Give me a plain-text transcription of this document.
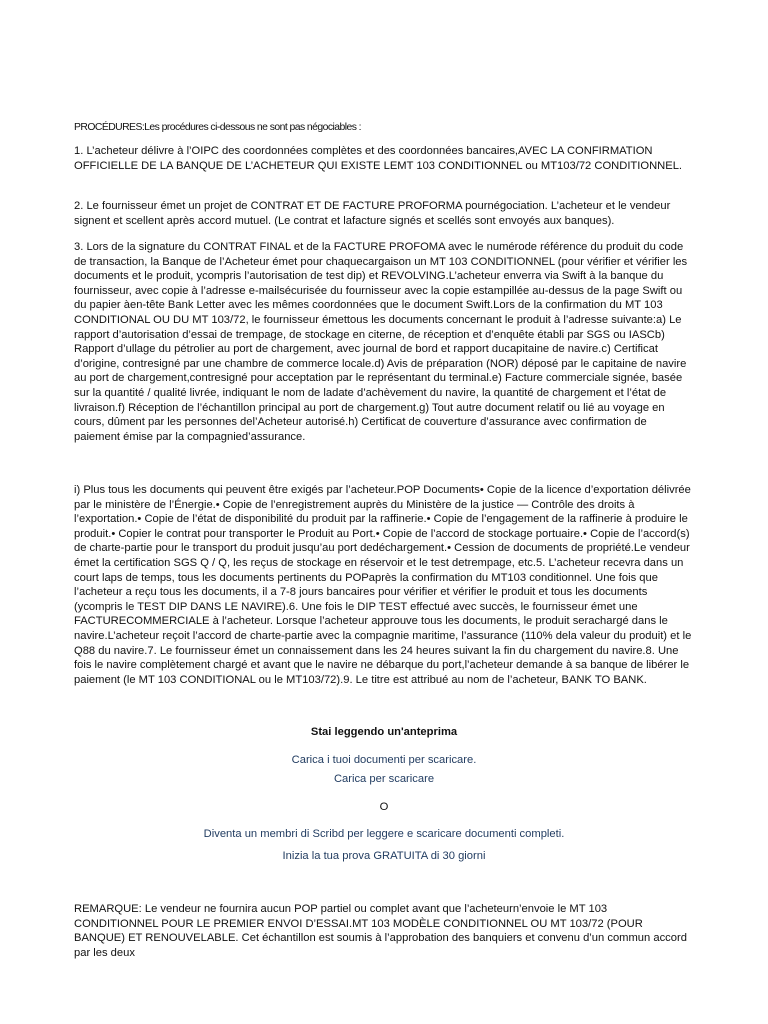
PROCÉDURES:Les procédures ci-dessous ne sont pas négociables :

1. L’acheteur délivre à l’OIPC des coordonnées complètes et des coordonnées bancaires,AVEC LA CONFIRMATION OFFICIELLE DE LA BANQUE DE L’ACHETEUR QUI EXISTE LEMT 103 CONDITIONNEL ou MT103/72 CONDITIONNEL.

2. Le fournisseur émet un projet de CONTRAT ET DE FACTURE PROFORMA pournégociation. L’acheteur et le vendeur signent et scellent après accord mutuel. (Le contrat et lafacture signés et scellés sont envoyés aux banques).

3. Lors de la signature du CONTRAT FINAL et de la FACTURE PROFOMA avec le numérode référence du produit du code de transaction, la Banque de l’Acheteur émet pour chaquecargaison un MT 103 CONDITIONNEL (pour vérifier et vérifier les documents et le produit, ycompris l’autorisation de test dip) et REVOLVING.L’acheteur enverra via Swift à la banque du fournisseur, avec copie à l’adresse e-mailsécurisée du fournisseur avec la copie estampillée au-dessus de la page Swift ou du papier àen-tête Bank Letter avec les mêmes coordonnées que le document Swift.Lors de la confirmation du MT 103 CONDITIONAL OU DU MT 103/72, le fournisseur émettous les documents concernant le produit à l’adresse suivante:a) Le rapport d’autorisation d’essai de trempage, de stockage en citerne, de réception et d’enquête établi par SGS ou IASCb) Rapport d’ullage du pétrolier au port de chargement, avec journal de bord et rapport ducapitaine de navire.c) Certificat d’origine, contresigné par une chambre de commerce locale.d) Avis de préparation (NOR) déposé par le capitaine de navire au port de chargement,contresigné pour acceptation par le représentant du terminal.e) Facture commerciale signée, basée sur la quantité / qualité livrée, indiquant le nom de ladate d’achèvement du navire, la quantité de chargement et l’état de livraison.f) Réception de l’échantillon principal au port de chargement.g) Tout autre document relatif ou lié au voyage en cours, dûment par les personnes del’Acheteur autorisé.h) Certificat de couverture d’assurance avec confirmation de paiement émise par la compagnied’assurance.

i) Plus tous les documents qui peuvent être exigés par l’acheteur.POP Documents• Copie de la licence d’exportation délivrée par le ministère de l’Énergie.• Copie de l’enregistrement auprès du Ministère de la justice — Contrôle des droits à l’exportation.• Copie de l’état de disponibilité du produit par la raffinerie.• Copie de l’engagement de la raffinerie à produire le produit.• Copier le contrat pour transporter le Produit au Port.• Copie de l’accord de stockage portuaire.• Copie de l’accord(s) de charte-partie pour le transport du produit jusqu’au port dedéchargement.• Cession de documents de propriété.Le vendeur émet la certification SGS Q / Q, les reçus de stockage en réservoir et le test detrempage, etc.5. L’acheteur recevra dans un court laps de temps, tous les documents pertinents du POPaprès la confirmation du MT103 conditionnel. Une fois que l’acheteur a reçu tous les documents, il a 7-8 jours bancaires pour vérifier et vérifier le produit et tous les documents (ycompris le TEST DIP DANS LE NAVIRE).6. Une fois le DIP TEST effectué avec succès, le fournisseur émet une FACTURECOMMERCIALE à l’acheteur. Lorsque l’acheteur approuve tous les documents, le produit serachargé dans le navire.L’acheteur reçoit l’accord de charte-partie avec la compagnie maritime, l’assurance (110% dela valeur du produit) et le Q88 du navire.7. Le fournisseur émet un connaissement dans les 24 heures suivant la fin du chargement du navire.8. Une fois le navire complètement chargé et avant que le navire ne débarque du port,l’acheteur demande à sa banque de libérer le paiement (le MT 103 CONDITIONAL ou le MT103/72).9. Le titre est attribué au nom de l’acheteur, BANK TO BANK.

REMARQUE: Le vendeur ne fournira aucun POP partiel ou complet avant que l’acheteurn’envoie le MT 103 CONDITIONNEL POUR LE PREMIER ENVOI D’ESSAI.MT 103 MODÈLE CONDITIONNEL OU MT 103/72 (POUR BANQUE) ET RENOUVELABLE. Cet échantillon est soumis à l’approbation des banquiers et convenu d’un commun accord par les deux

Stai leggendo un'anteprima
Carica i tuoi documenti per scaricare.
Carica per scaricare
O
Diventa un membri di Scribd per leggere e scaricare documenti completi.
Inizia la tua prova GRATUITA di 30 giorni
